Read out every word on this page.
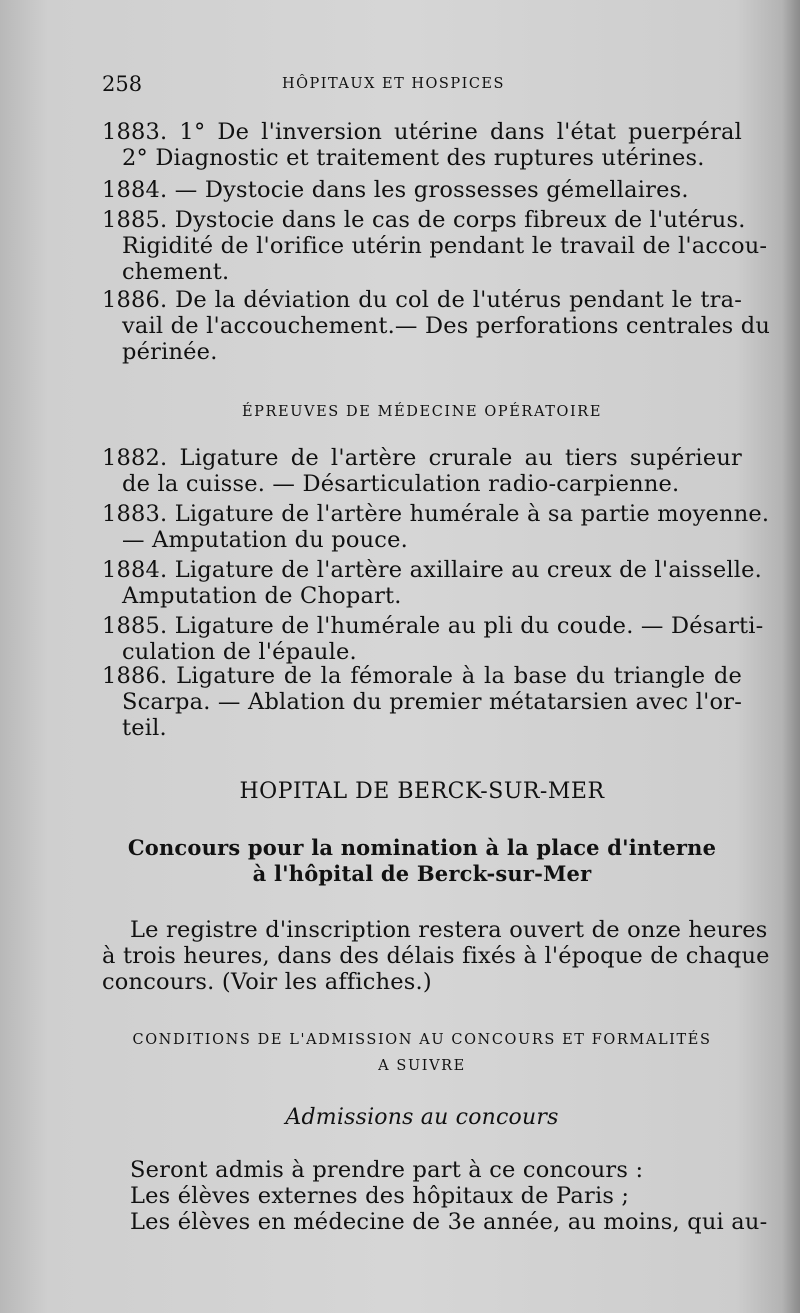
258	HÔPITAUX ET HOSPICES
1883. 1° De l'inversion utérine dans l'état puerpéral
2° Diagnostic et traitement des ruptures utérines.
1884. — Dystocie dans les grossesses gémellaires.
1885. Dystocie dans le cas de corps fibreux de l'utérus.
Rigidité de l'orifice utérin pendant le travail de l'accou-
chement.
1886. De la déviation du col de l'utérus pendant le tra-
vail de l'accouchement.— Des perforations centrales du
périnée.
ÉPREUVES DE MÉDECINE OPÉRATOIRE
1882. Ligature de l'artère crurale au tiers supérieur
de la cuisse. — Désarticulation radio-carpienne.
1883. Ligature de l'artère humérale à sa partie moyenne.
— Amputation du pouce.
1884. Ligature de l'artère axillaire au creux de l'aisselle.
Amputation de Chopart.
1885. Ligature de l'humérale au pli du coude. — Désarti-
culation de l'épaule.
1886. Ligature de la fémorale à la base du triangle de
Scarpa. — Ablation du premier métatarsien avec l'or-
teil.
HOPITAL DE BERCK-SUR-MER
Concours pour la nomination à la place d'interne
à l'hôpital de Berck-sur-Mer
Le registre d'inscription restera ouvert de onze heures
à trois heures, dans des délais fixés à l'époque de chaque
concours. (Voir les affiches.)
CONDITIONS DE L'ADMISSION AU CONCOURS ET FORMALITÉS
A SUIVRE
Admissions au concours
Seront admis à prendre part à ce concours :
Les élèves externes des hôpitaux de Paris ;
Les élèves en médecine de 3e année, au moins, qui au-
